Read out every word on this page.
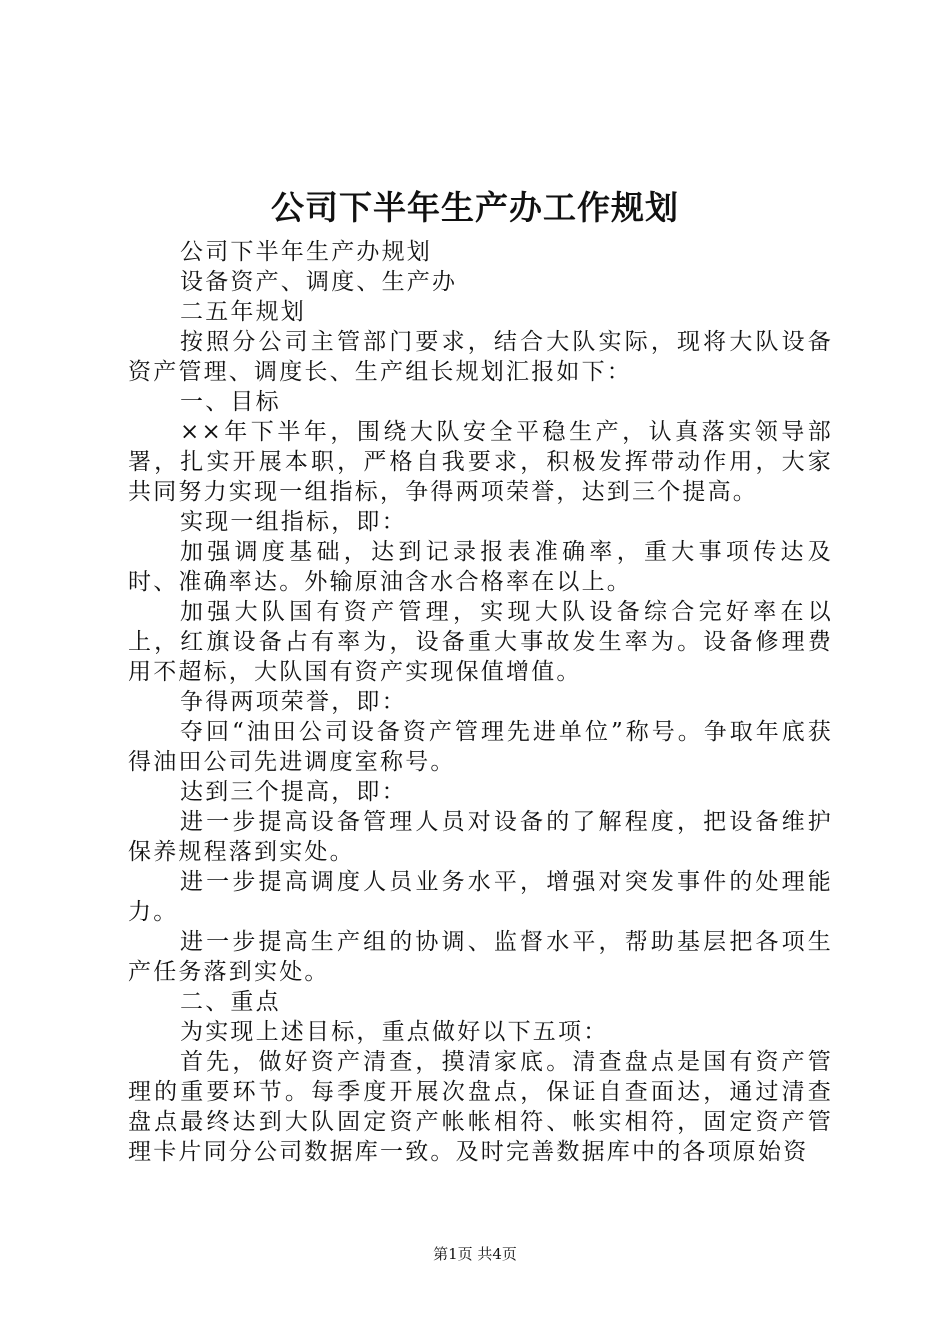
公司下半年生产办工作规划

公司下半年生产办规划

设备资产、调度、生产办

二五年规划

按照分公司主管部门要求，结合大队实际，现将大队设备资产管理、调度长、生产组长规划汇报如下：

一、目标

××年下半年，围绕大队安全平稳生产，认真落实领导部署，扎实开展本职，严格自我要求，积极发挥带动作用，大家共同努力实现一组指标，争得两项荣誉，达到三个提高。

实现一组指标，即：

加强调度基础，达到记录报表准确率，重大事项传达及时、准确率达。外输原油含水合格率在以上。

加强大队国有资产管理，实现大队设备综合完好率在以上，红旗设备占有率为，设备重大事故发生率为。设备修理费用不超标，大队国有资产实现保值增值。

争得两项荣誉，即：

夺回“油田公司设备资产管理先进单位”称号。争取年底获得油田公司先进调度室称号。

达到三个提高，即：

进一步提高设备管理人员对设备的了解程度，把设备维护保养规程落到实处。

进一步提高调度人员业务水平，增强对突发事件的处理能力。

进一步提高生产组的协调、监督水平，帮助基层把各项生产任务落到实处。

二、重点

为实现上述目标，重点做好以下五项：

首先，做好资产清查，摸清家底。清查盘点是国有资产管理的重要环节。每季度开展次盘点，保证自查面达，通过清查盘点最终达到大队固定资产帐帐相符、帐实相符，固定资产管理卡片同分公司数据库一致。及时完善数据库中的各项原始资

第1页 共4页
